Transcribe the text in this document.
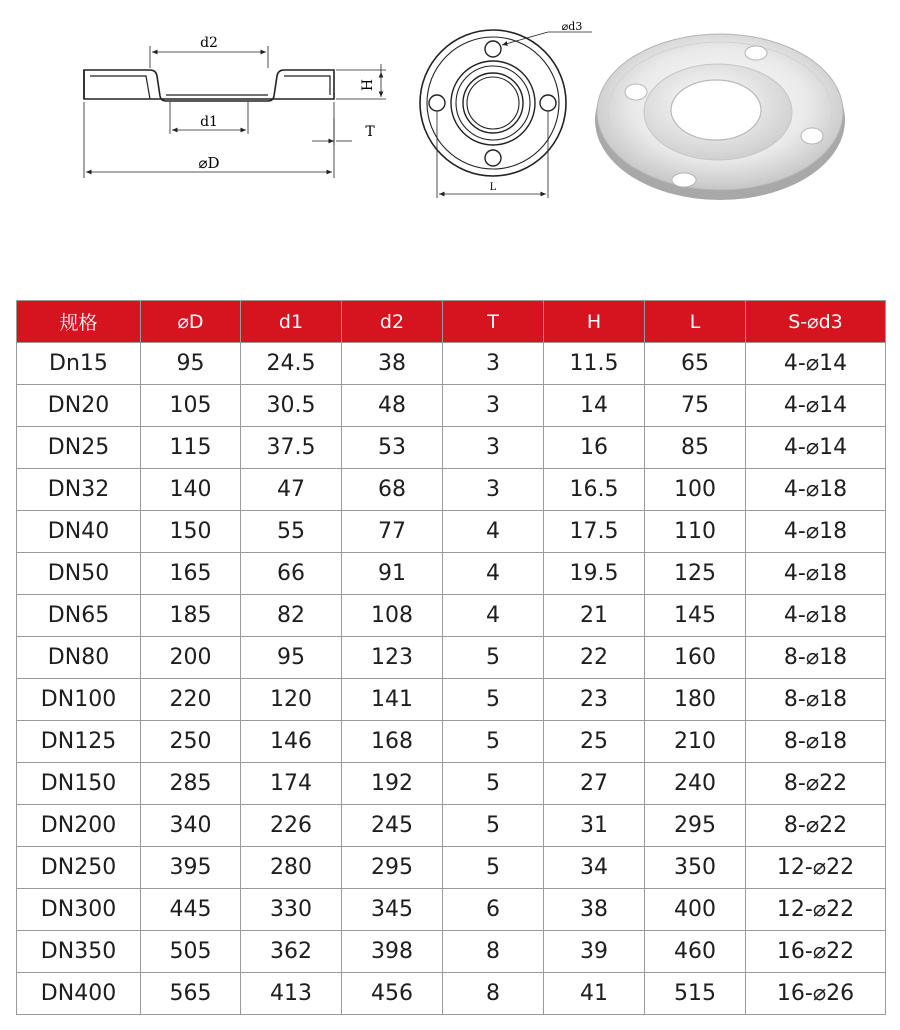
d2
d1
⌀D
H
T
⌀d3
L
规格	⌀D	d1	d2	T	H	L	S-⌀d3
Dn15	95	24.5	38	3	11.5	65	4-⌀14
DN20	105	30.5	48	3	14	75	4-⌀14
DN25	115	37.5	53	3	16	85	4-⌀14
DN32	140	47	68	3	16.5	100	4-⌀18
DN40	150	55	77	4	17.5	110	4-⌀18
DN50	165	66	91	4	19.5	125	4-⌀18
DN65	185	82	108	4	21	145	4-⌀18
DN80	200	95	123	5	22	160	8-⌀18
DN100	220	120	141	5	23	180	8-⌀18
DN125	250	146	168	5	25	210	8-⌀18
DN150	285	174	192	5	27	240	8-⌀22
DN200	340	226	245	5	31	295	8-⌀22
DN250	395	280	295	5	34	350	12-⌀22
DN300	445	330	345	6	38	400	12-⌀22
DN350	505	362	398	8	39	460	16-⌀22
DN400	565	413	456	8	41	515	16-⌀26
